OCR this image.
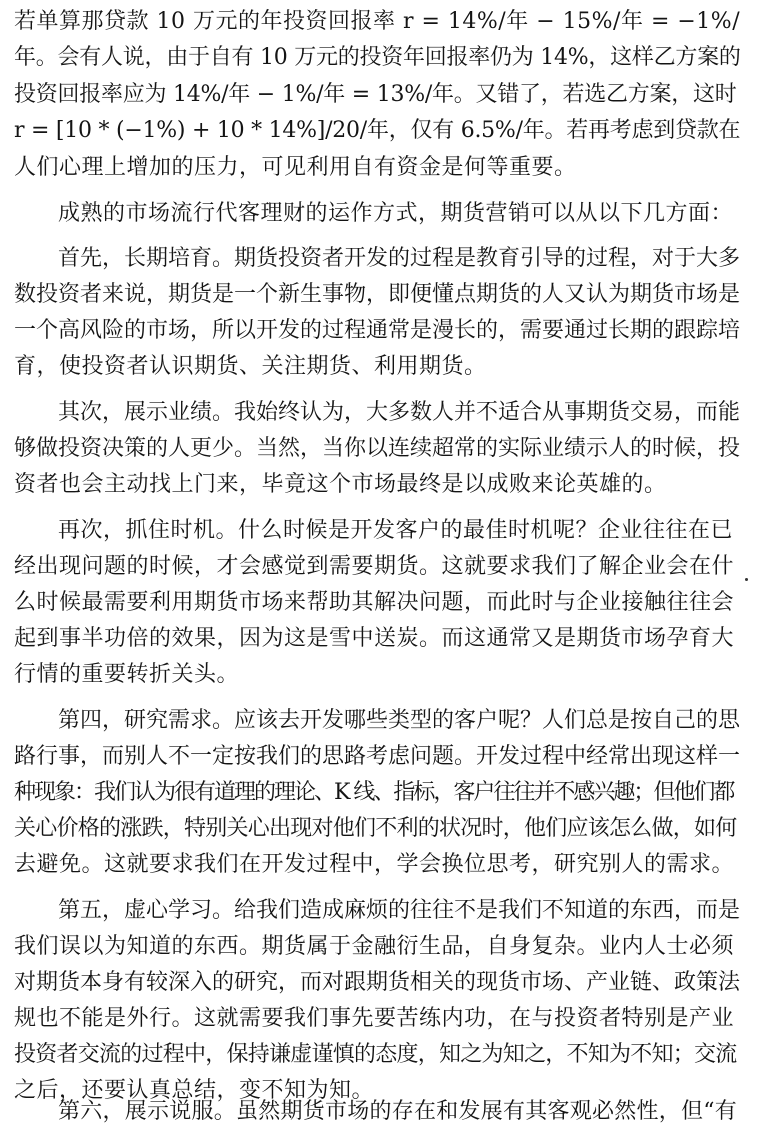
若单算那贷款 10 万元的年投资回报率 r = 14%/年 − 15%/年 = −1%/
年。会有人说，由于自有 10 万元的投资年回报率仍为 14%，这样乙方案的
投资回报率应为 14%/年 − 1%/年 = 13%/年。又错了，若选乙方案，这时
r = [10 * (−1%) + 10 * 14%]/20/年，仅有 6.5%/年。若再考虑到贷款在
人们心理上增加的压力，可见利用自有资金是何等重要。
成熟的市场流行代客理财的运作方式，期货营销可以从以下几方面：
首先，长期培育。期货投资者开发的过程是教育引导的过程，对于大多
数投资者来说，期货是一个新生事物，即便懂点期货的人又认为期货市场是
一个高风险的市场，所以开发的过程通常是漫长的，需要通过长期的跟踪培
育，使投资者认识期货、关注期货、利用期货。
其次，展示业绩。我始终认为，大多数人并不适合从事期货交易，而能
够做投资决策的人更少。当然，当你以连续超常的实际业绩示人的时候，投
资者也会主动找上门来，毕竟这个市场最终是以成败来论英雄的。
再次，抓住时机。什么时候是开发客户的最佳时机呢？企业往往在已
经出现问题的时候，才会感觉到需要期货。这就要求我们了解企业会在什
么时候最需要利用期货市场来帮助其解决问题，而此时与企业接触往往会
起到事半功倍的效果，因为这是雪中送炭。而这通常又是期货市场孕育大
行情的重要转折关头。
第四，研究需求。应该去开发哪些类型的客户呢？人们总是按自己的思
路行事，而别人不一定按我们的思路考虑问题。开发过程中经常出现这样一
种现象：我们认为很有道理的理论、K 线、指标，客户往往并不感兴趣；但他们都
关心价格的涨跌，特别关心出现对他们不利的状况时，他们应该怎么做，如何
去避免。这就要求我们在开发过程中，学会换位思考，研究别人的需求。
第五，虚心学习。给我们造成麻烦的往往不是我们不知道的东西，而是
我们误以为知道的东西。期货属于金融衍生品，自身复杂。业内人士必须
对期货本身有较深入的研究，而对跟期货相关的现货市场、产业链、政策法
规也不能是外行。这就需要我们事先要苦练内功，在与投资者特别是产业
投资者交流的过程中，保持谦虚谨慎的态度，知之为知之，不知为不知；交流
之后，还要认真总结，变不知为知。
第六，展示说服。虽然期货市场的存在和发展有其客观必然性，但“有
